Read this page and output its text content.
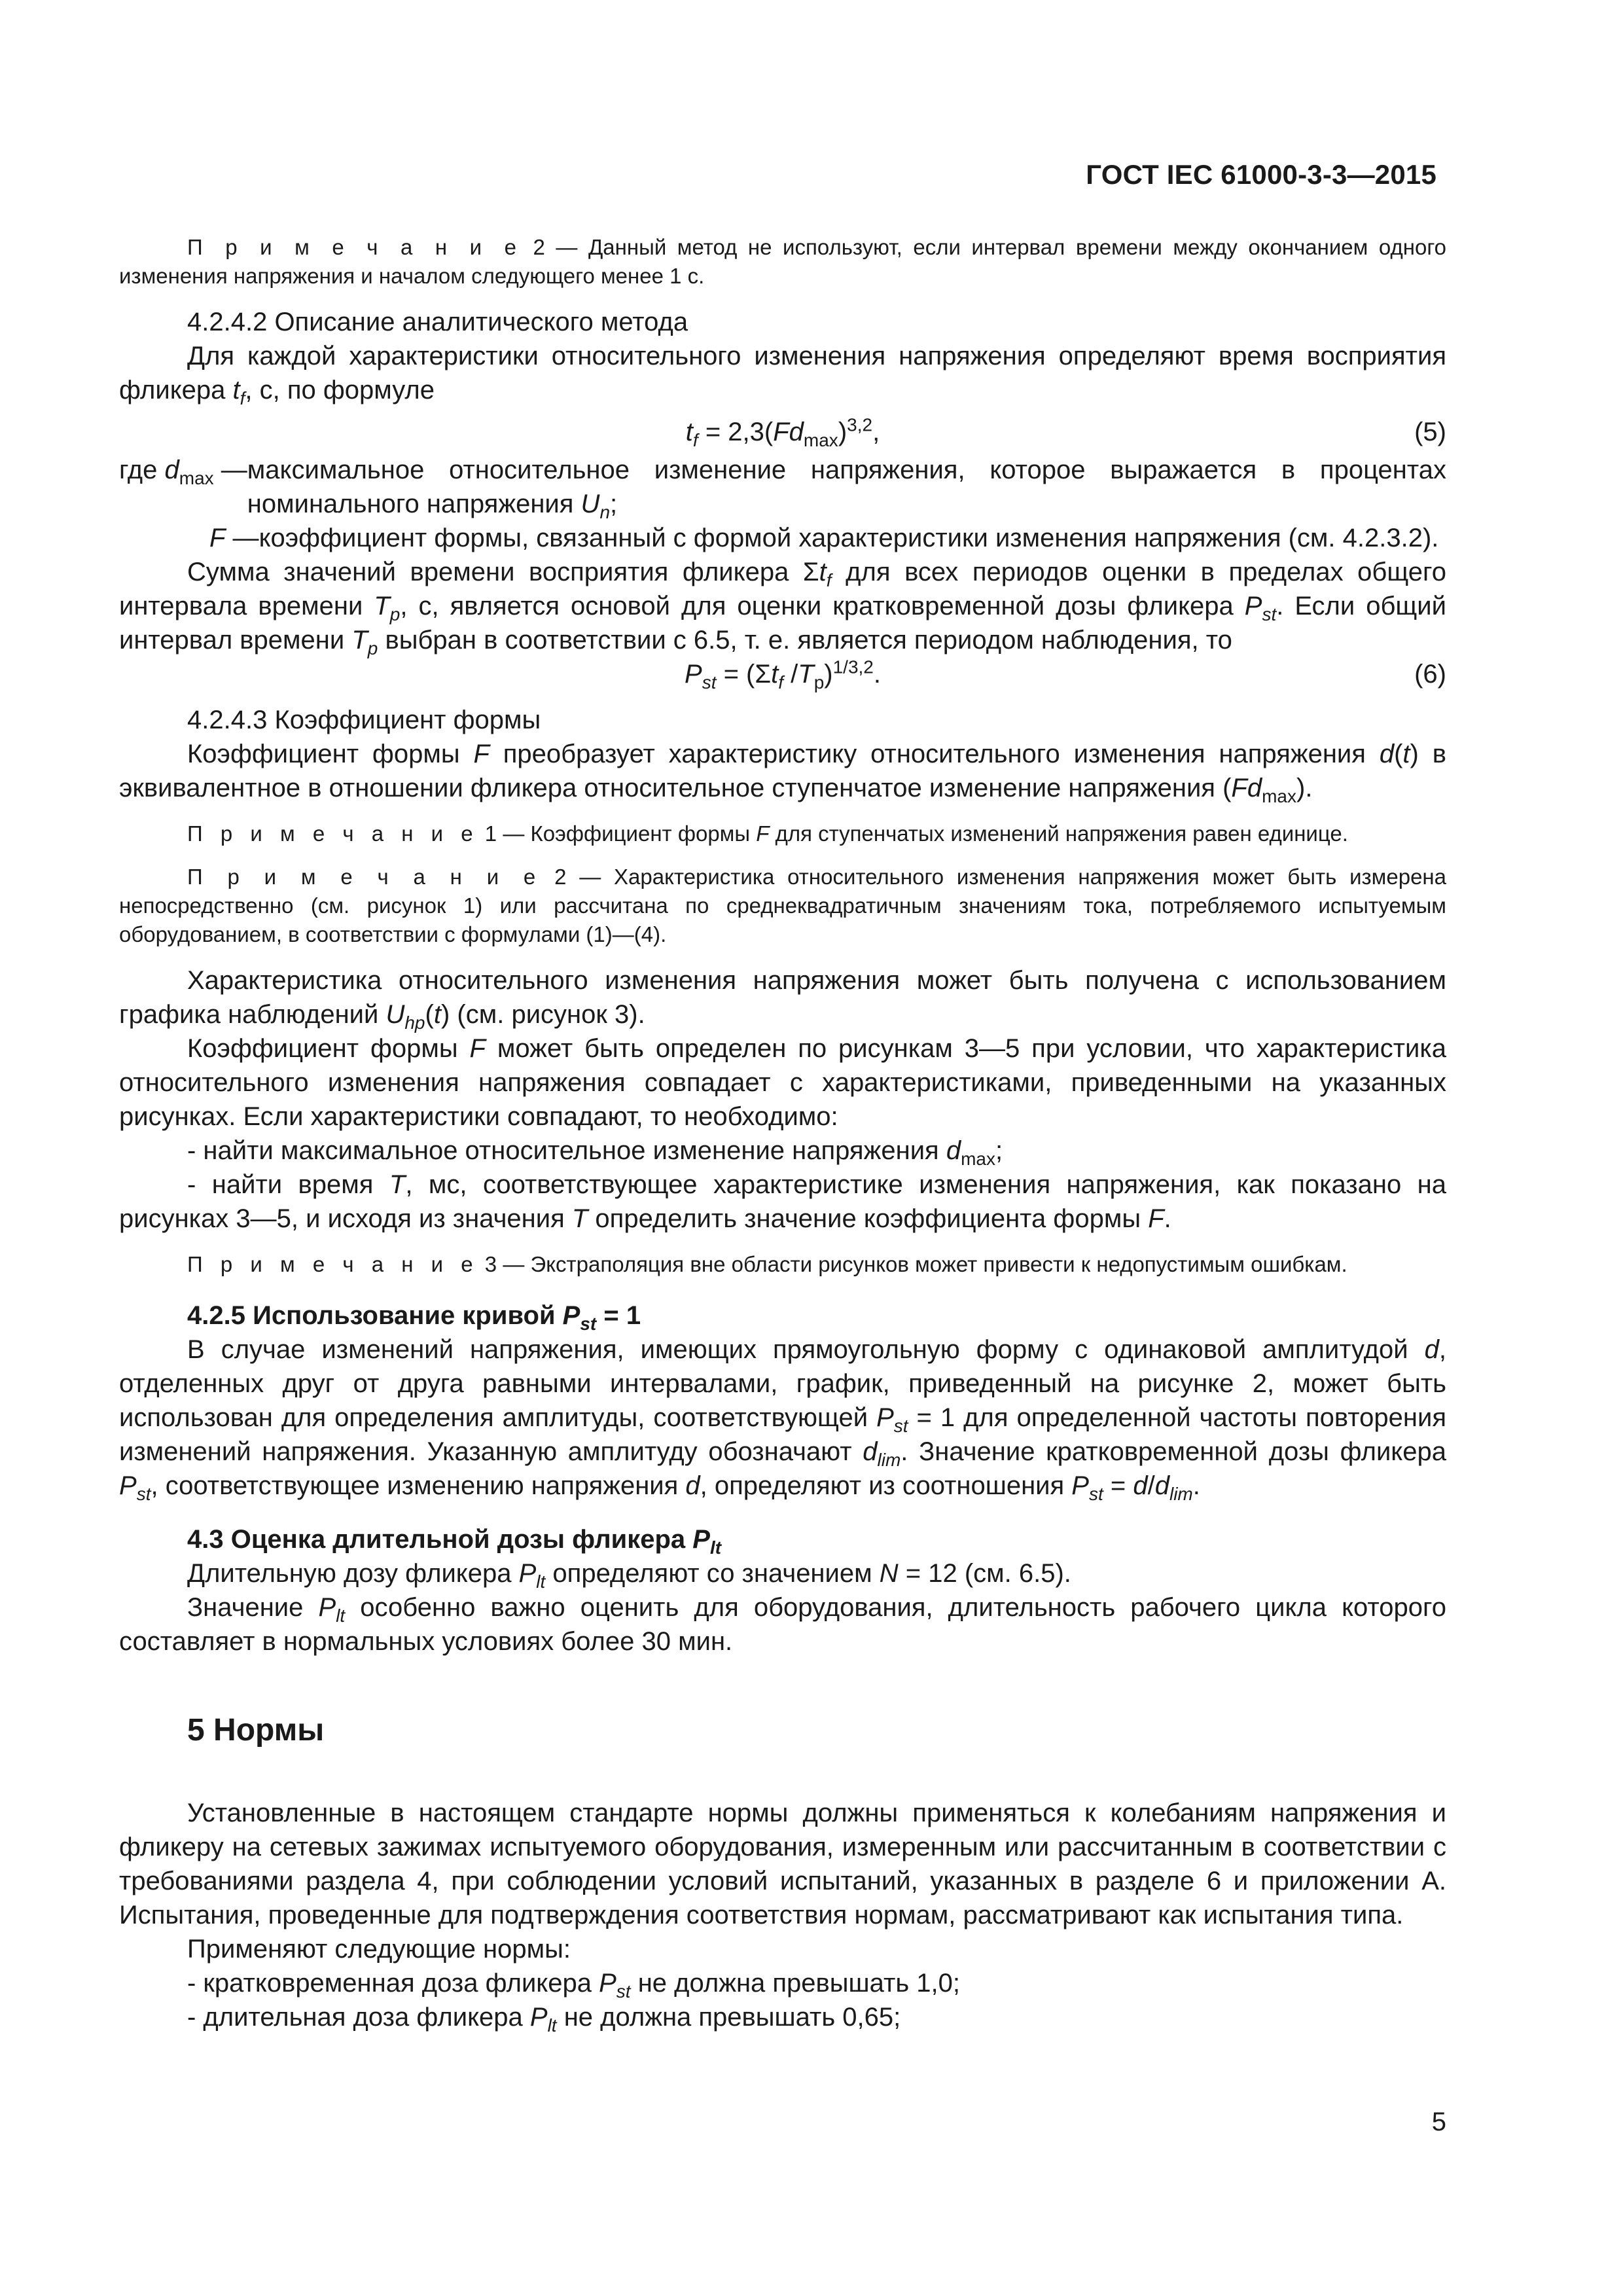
ГОСТ IEC 61000-3-3—2015

П р и м е ч а н и е 2 — Данный метод не используют, если интервал времени между окончанием одного изменения напряжения и началом следующего менее 1 с.

4.2.4.2 Описание аналитического метода

Для каждой характеристики относительного изменения напряжения определяют время восприятия фликера $t_f$, с, по формуле

$t_f = 2,3(Fd_{max})^{3,2}$,	(5)
где $d_{max}$ — максимальное относительное изменение напряжения, которое выражается в процентах номинального напряжения $U_n$;
F — коэффициент формы, связанный с формой характеристики изменения напряжения (см. 4.2.3.2).

Сумма значений времени восприятия фликера $\Sigma t_f$ для всех периодов оценки в пределах общего интервала времени $T_p$, с, является основой для оценки кратковременной дозы фликера $P_{st}$. Если общий интервал времени $T_p$ выбран в соответствии с 6.5, т. е. является периодом наблюдения, то

$P_{st} = (\Sigma t_f$ $/T_p)^{1/3,2}$.	(6)

4.2.4.3 Коэффициент формы

Коэффициент формы F преобразует характеристику относительного изменения напряжения d(t) в эквивалентное в отношении фликера относительное ступенчатое изменение напряжения $(Fd_{max})$.

П р и м е ч а н и е 1 — Коэффициент формы F для ступенчатых изменений напряжения равен единице.

П р и м е ч а н и е 2 — Характеристика относительного изменения напряжения может быть измерена непосредственно (см. рисунок 1) или рассчитана по среднеквадратичным значениям тока, потребляемого испытуемым оборудованием, в соответствии с формулами (1)—(4).

Характеристика относительного изменения напряжения может быть получена с использованием графика наблюдений $U_{hp}(t)$ (см. рисунок 3).

Коэффициент формы F может быть определен по рисункам 3—5 при условии, что характеристика относительного изменения напряжения совпадает с характеристиками, приведенными на указанных рисунках. Если характеристики совпадают, то необходимо:

- найти максимальное относительное изменение напряжения $d_{max}$;

- найти время T, мс, соответствующее характеристике изменения напряжения, как показано на рисунках 3—5, и исходя из значения T определить значение коэффициента формы F.

П р и м е ч а н и е 3 — Экстраполяция вне области рисунков может привести к недопустимым ошибкам.

4.2.5 Использование кривой $P_{st} = 1$

В случае изменений напряжения, имеющих прямоугольную форму с одинаковой амплитудой d, отделенных друг от друга равными интервалами, график, приведенный на рисунке 2, может быть использован для определения амплитуды, соответствующей $P_{st} = 1$ для определенной частоты повторения изменений напряжения. Указанную амплитуду обозначают $d_{lim}$. Значение кратковременной дозы фликера $P_{st}$, соответствующее изменению напряжения d, определяют из соотношения $P_{st} = d/d_{lim}$.

4.3 Оценка длительной дозы фликера $P_{lt}$

Длительную дозу фликера $P_{lt}$ определяют со значением N = 12 (см. 6.5).

Значение $P_{lt}$ особенно важно оценить для оборудования, длительность рабочего цикла которого составляет в нормальных условиях более 30 мин.

5 Нормы

Установленные в настоящем стандарте нормы должны применяться к колебаниям напряжения и фликеру на сетевых зажимах испытуемого оборудования, измеренным или рассчитанным в соответствии с требованиями раздела 4, при соблюдении условий испытаний, указанных в разделе 6 и приложении А. Испытания, проведенные для подтверждения соответствия нормам, рассматривают как испытания типа.

Применяют следующие нормы:

- кратковременная доза фликера $P_{st}$ не должна превышать 1,0;

- длительная доза фликера $P_{lt}$ не должна превышать 0,65;

5
